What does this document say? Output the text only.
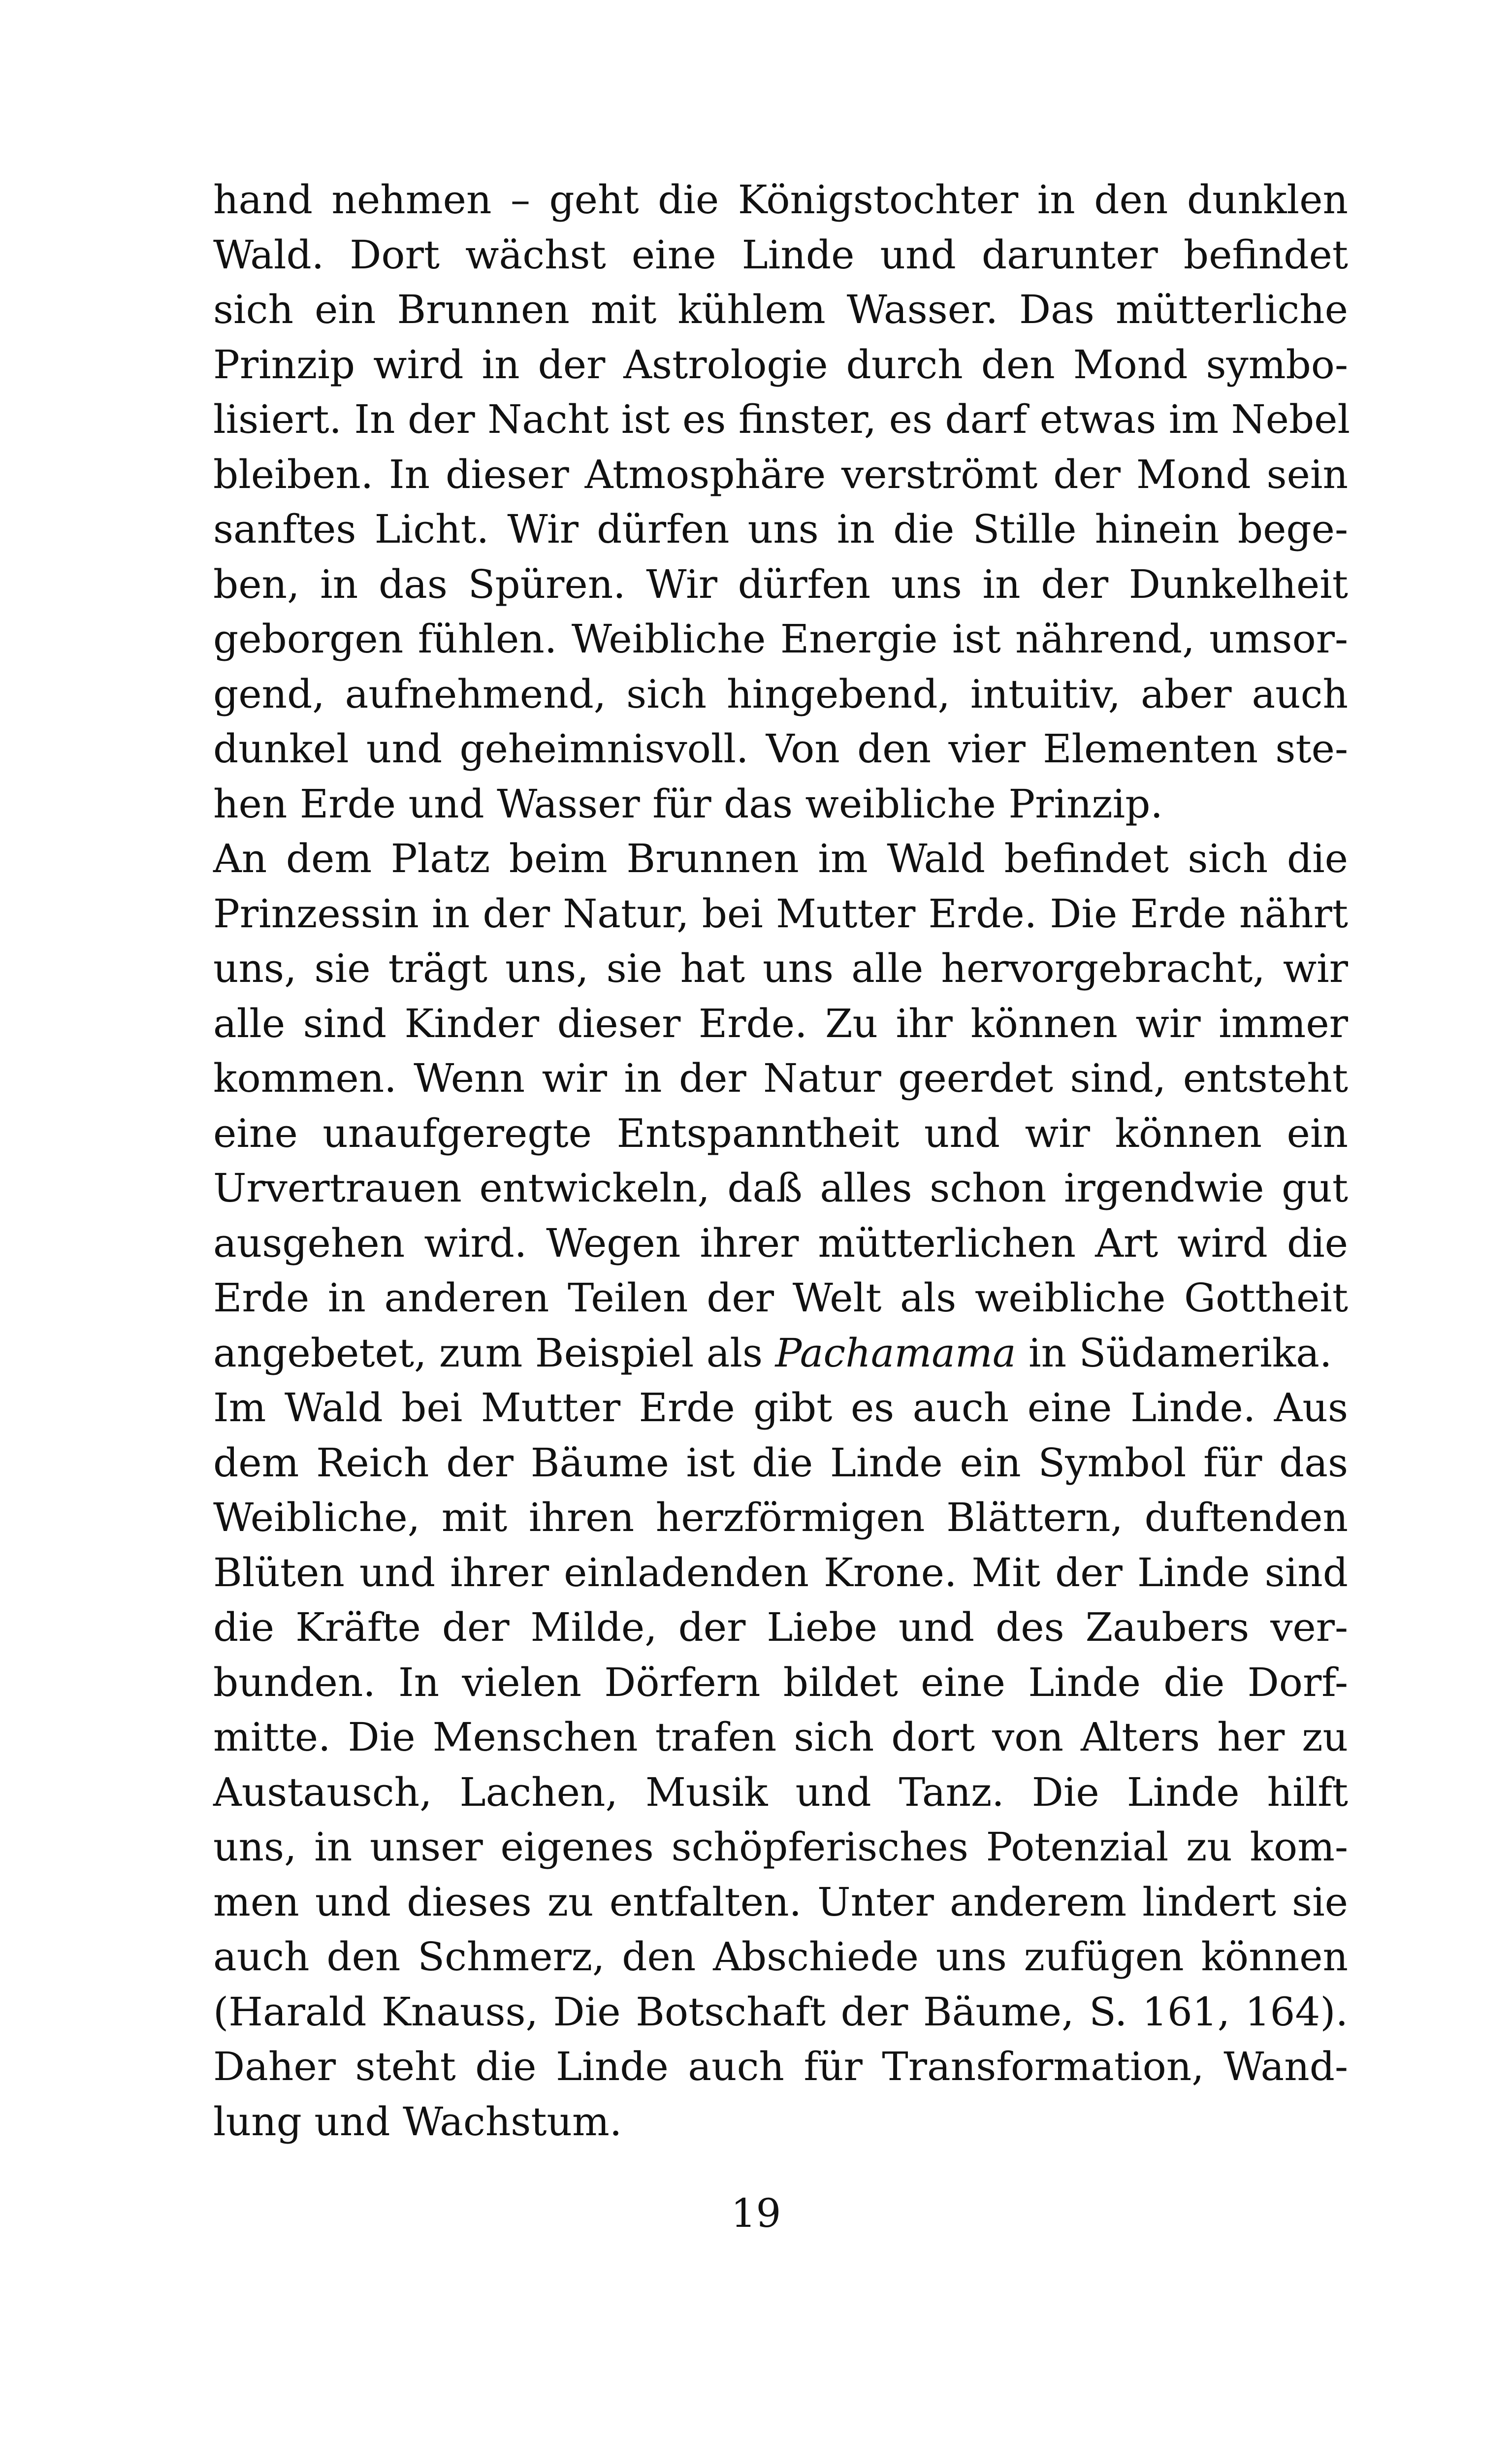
hand nehmen – geht die Königstochter in den dunklen
Wald. Dort wächst eine Linde und darunter befindet
sich ein Brunnen mit kühlem Wasser. Das mütterliche
Prinzip wird in der Astrologie durch den Mond symbo-
lisiert. In der Nacht ist es finster, es darf etwas im Nebel
bleiben. In dieser Atmosphäre verströmt der Mond sein
sanftes Licht. Wir dürfen uns in die Stille hinein bege-
ben, in das Spüren. Wir dürfen uns in der Dunkelheit
geborgen fühlen. Weibliche Energie ist nährend, umsor-
gend, aufnehmend, sich hingebend, intuitiv, aber auch
dunkel und geheimnisvoll. Von den vier Elementen ste-
hen Erde und Wasser für das weibliche Prinzip.
An dem Platz beim Brunnen im Wald befindet sich die
Prinzessin in der Natur, bei Mutter Erde. Die Erde nährt
uns, sie trägt uns, sie hat uns alle hervorgebracht, wir
alle sind Kinder dieser Erde. Zu ihr können wir immer
kommen. Wenn wir in der Natur geerdet sind, entsteht
eine unaufgeregte Entspanntheit und wir können ein
Urvertrauen entwickeln, daß alles schon irgendwie gut
ausgehen wird. Wegen ihrer mütterlichen Art wird die
Erde in anderen Teilen der Welt als weibliche Gottheit
angebetet, zum Beispiel als Pachamama in Südamerika.
Im Wald bei Mutter Erde gibt es auch eine Linde. Aus
dem Reich der Bäume ist die Linde ein Symbol für das
Weibliche, mit ihren herzförmigen Blättern, duftenden
Blüten und ihrer einladenden Krone. Mit der Linde sind
die Kräfte der Milde, der Liebe und des Zaubers ver-
bunden. In vielen Dörfern bildet eine Linde die Dorf-
mitte. Die Menschen trafen sich dort von Alters her zu
Austausch, Lachen, Musik und Tanz. Die Linde hilft
uns, in unser eigenes schöpferisches Potenzial zu kom-
men und dieses zu entfalten. Unter anderem lindert sie
auch den Schmerz, den Abschiede uns zufügen können
(Harald Knauss, Die Botschaft der Bäume, S. 161, 164).
Daher steht die Linde auch für Transformation, Wand-
lung und Wachstum.
19
